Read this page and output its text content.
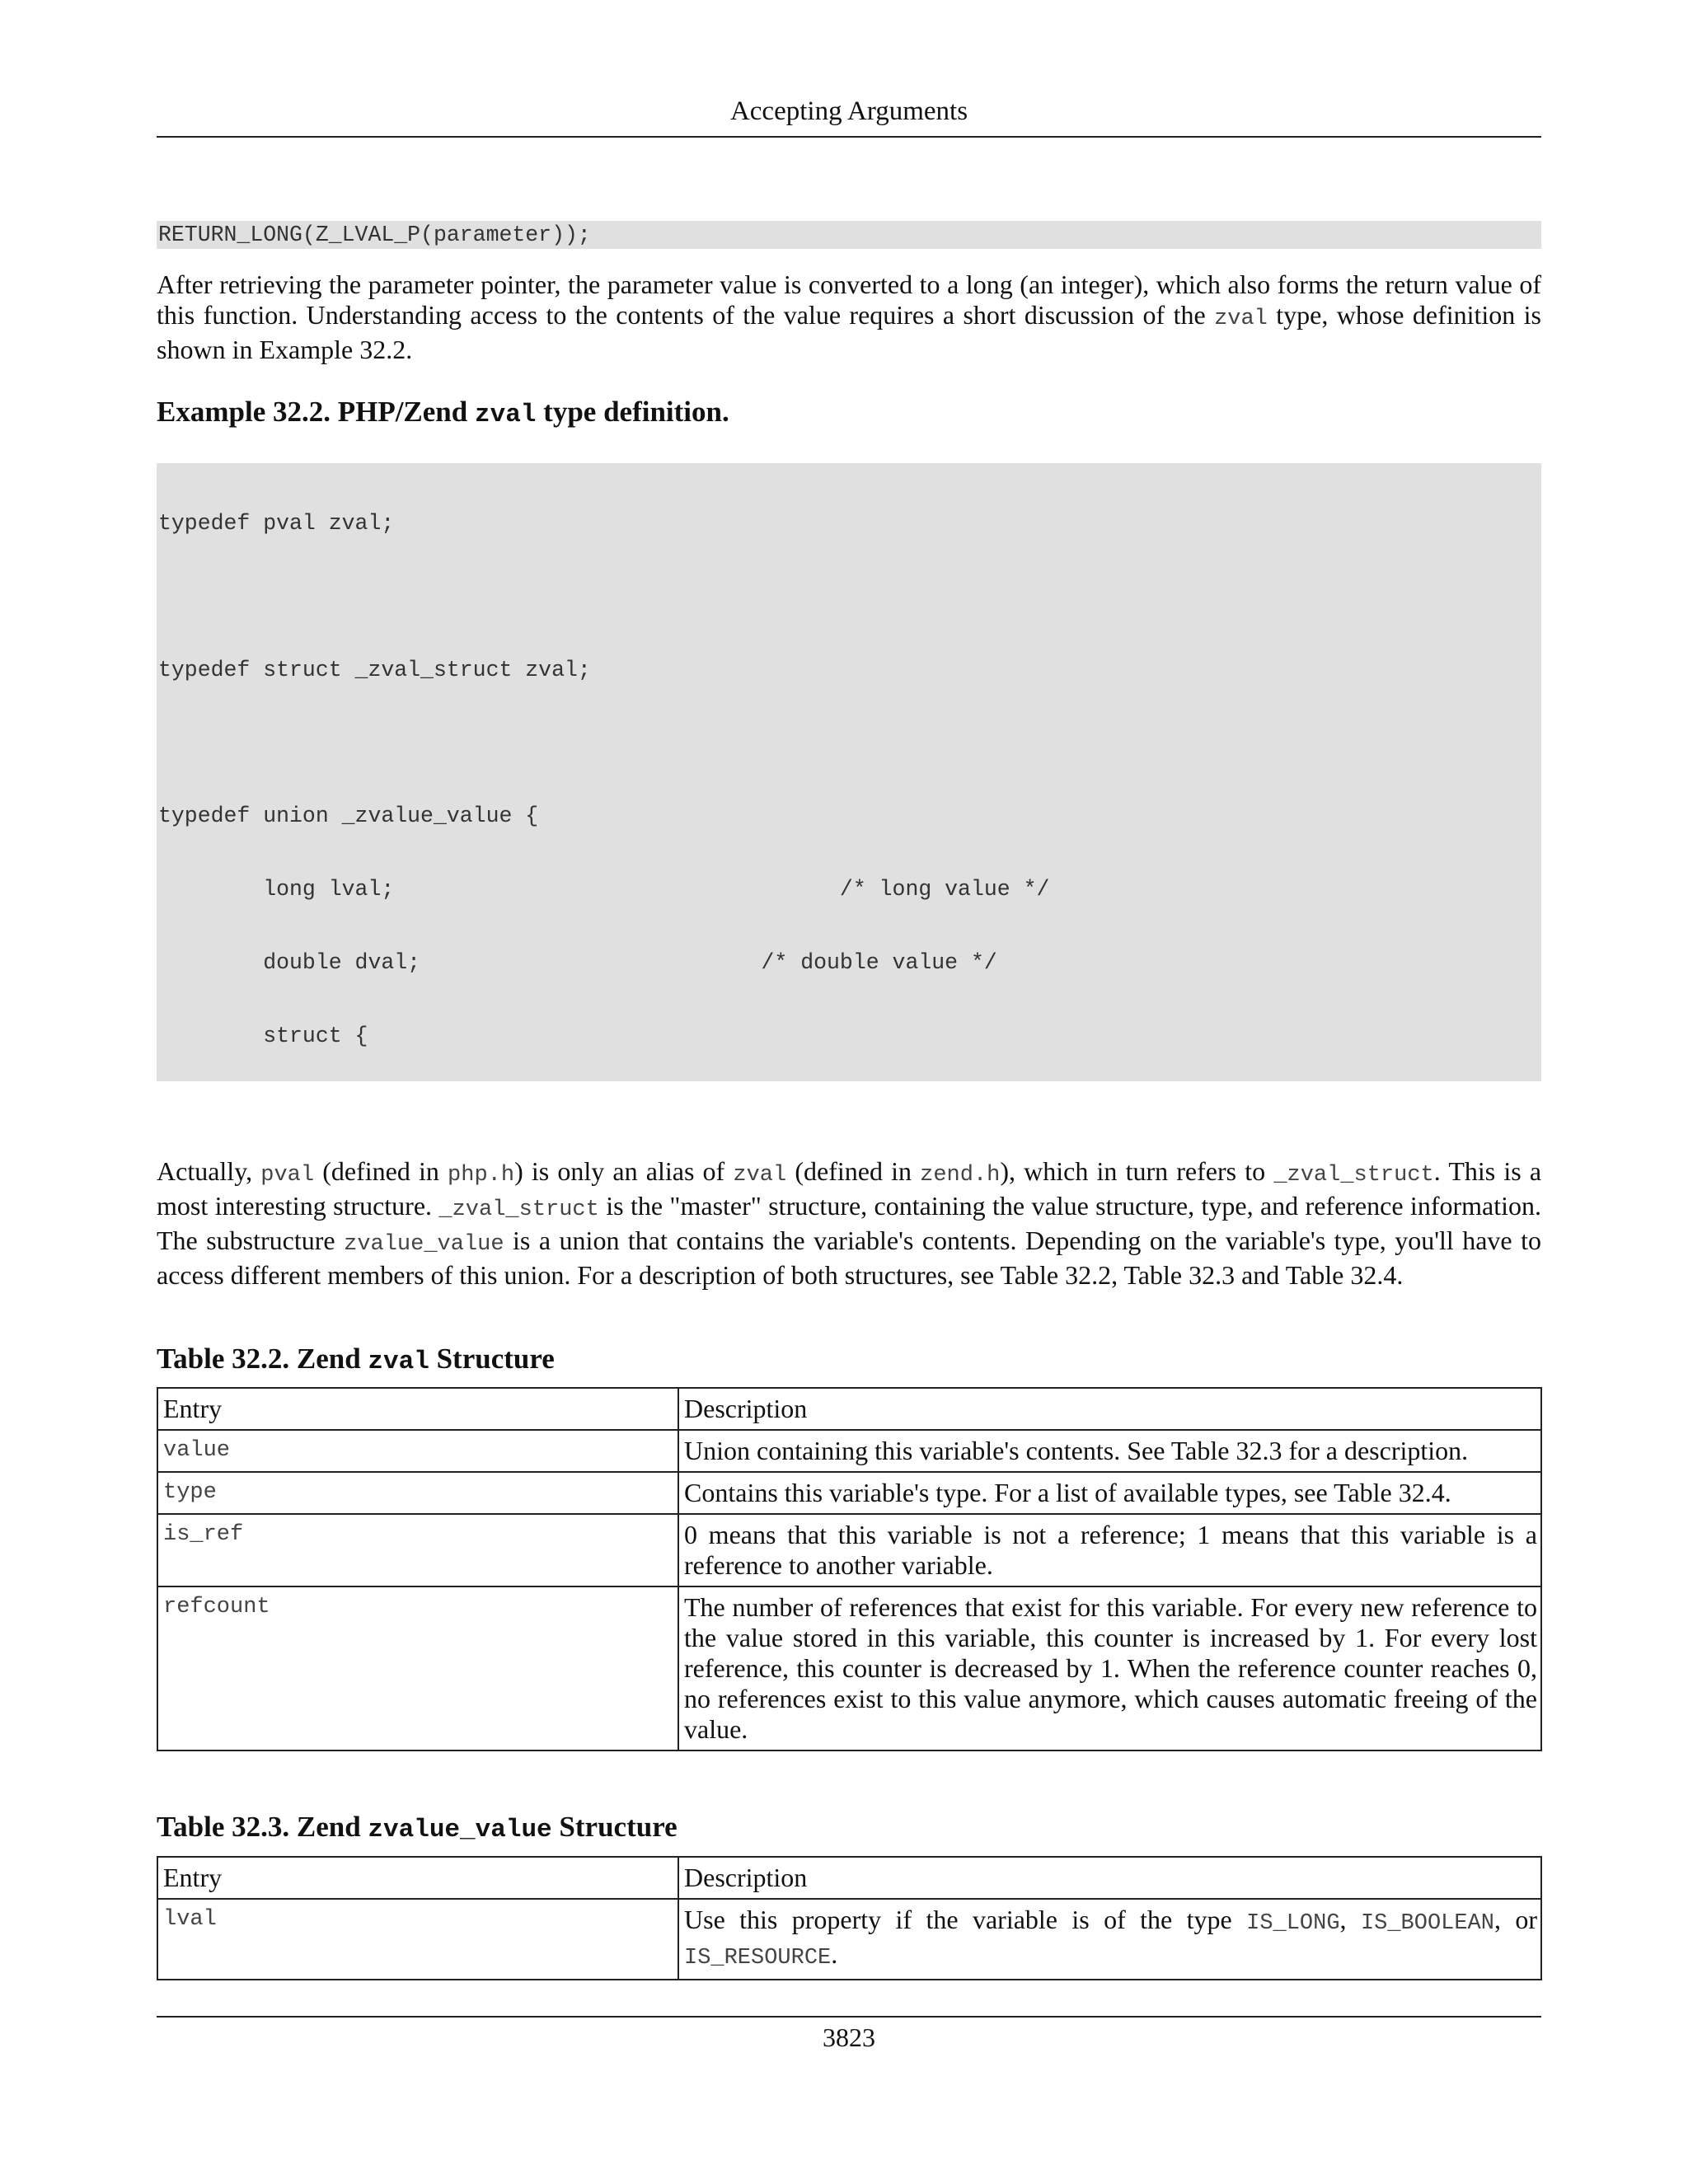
Accepting Arguments
RETURN_LONG(Z_LVAL_P(parameter));

After retrieving the parameter pointer, the parameter value is converted to a long (an integer), which also forms the return value of this function. Understanding access to the contents of the value requires a short discussion of the zval type, whose definition is shown in Example 32.2.

Example 32.2. PHP/Zend zval type definition.

typedef pval zval;

typedef struct _zval_struct zval;

typedef union _zvalue_value {

long lval;                                  /* long value */

double dval;                          /* double value */

struct {

Actually, pval (defined in php.h) is only an alias of zval (defined in zend.h), which in turn refers to _zval_struct. This is a most interesting structure. _zval_struct is the "master" structure, containing the value structure, type, and reference information. The substructure zvalue_value is a union that contains the variable's contents. Depending on the variable's type, you'll have to access different members of this union. For a description of both structures, see Table 32.2, Table 32.3 and Table 32.4.

Table 32.2. Zend zval Structure
Entry	Description
value	Union containing this variable's contents. See Table 32.3 for a description.
type	Contains this variable's type. For a list of available types, see Table 32.4.
is_ref	0 means that this variable is not a reference; 1 means that this variable is a reference to another variable.
refcount	The number of references that exist for this variable. For every new reference to the value stored in this variable, this counter is increased by 1. For every lost reference, this counter is decreased by 1. When the reference counter reaches 0, no references exist to this value anymore, which causes automatic freeing of the value.
Table 32.3. Zend zvalue_value Structure
Entry	Description
lval	Use this property if the variable is of the type IS_LONG, IS_BOOLEAN, or IS_RESOURCE.
3823
